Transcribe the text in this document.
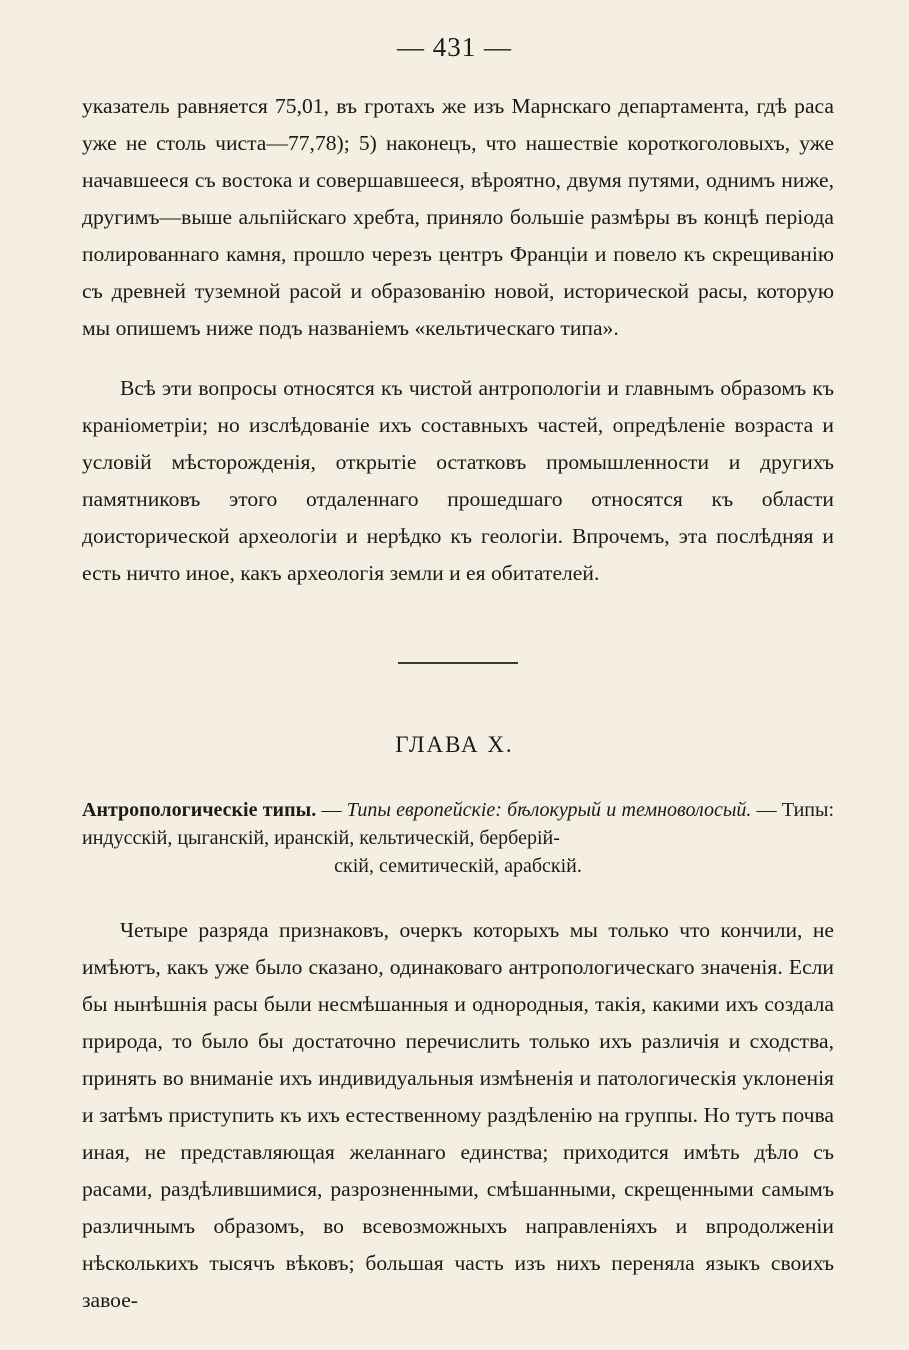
— 431 —

указатель равняется 75,01, въ гротахъ же изъ Марнскаго департамента, гдѣ раса уже не столь чиста—77,78); 5) наконецъ, что нашествіе короткоголовыхъ, уже начавшееся съ востока и совершавшееся, вѣроятно, двумя путями, однимъ ниже, другимъ—выше альпійскаго хребта, приняло большіе размѣры въ концѣ періода полированнаго камня, прошло черезъ центръ Франціи и повело къ скрещиванію съ древней туземной расой и образованію новой, исторической расы, которую мы опишемъ ниже подъ названіемъ «кельтическаго типа».

Всѣ эти вопросы относятся къ чистой антропологіи и главнымъ образомъ къ краніометріи; но изслѣдованіе ихъ составныхъ частей, опредѣленіе возраста и условій мѣсторожденія, открытіе остатковъ промышленности и другихъ памятниковъ этого отдаленнаго прошедшаго относятся къ области доисторической археологіи и нерѣдко къ геологіи. Впрочемъ, эта послѣдняя и есть ничто иное, какъ археологія земли и ея обитателей.

ГЛАВА X.
Антропологическіе типы. — Типы европейскіе: бѣлокурый и темноволосый. — Типы: индусскій, цыганскій, иранскій, кельтическій, берберій-
скій, семитическій, арабскій.

Четыре разряда признаковъ, очеркъ которыхъ мы только что кончили, не имѣютъ, какъ уже было сказано, одинаковаго антропологическаго значенія. Если бы нынѣшнія расы были несмѣшанныя и однородныя, такія, какими ихъ создала природа, то было бы достаточно перечислить только ихъ различія и сходства, принять во вниманіе ихъ индивидуальныя измѣненія и патологическія уклоненія и затѣмъ приступить къ ихъ естественному раздѣленію на группы. Но тутъ почва иная, не представляющая желаннаго единства; приходится имѣть дѣло съ расами, раздѣлившимися, разрозненными, смѣшанными, скрещенными самымъ различнымъ образомъ, во всевозможныхъ направленіяхъ и впродолженіи нѣсколькихъ тысячъ вѣковъ; большая часть изъ нихъ переняла языкъ своихъ завое-
